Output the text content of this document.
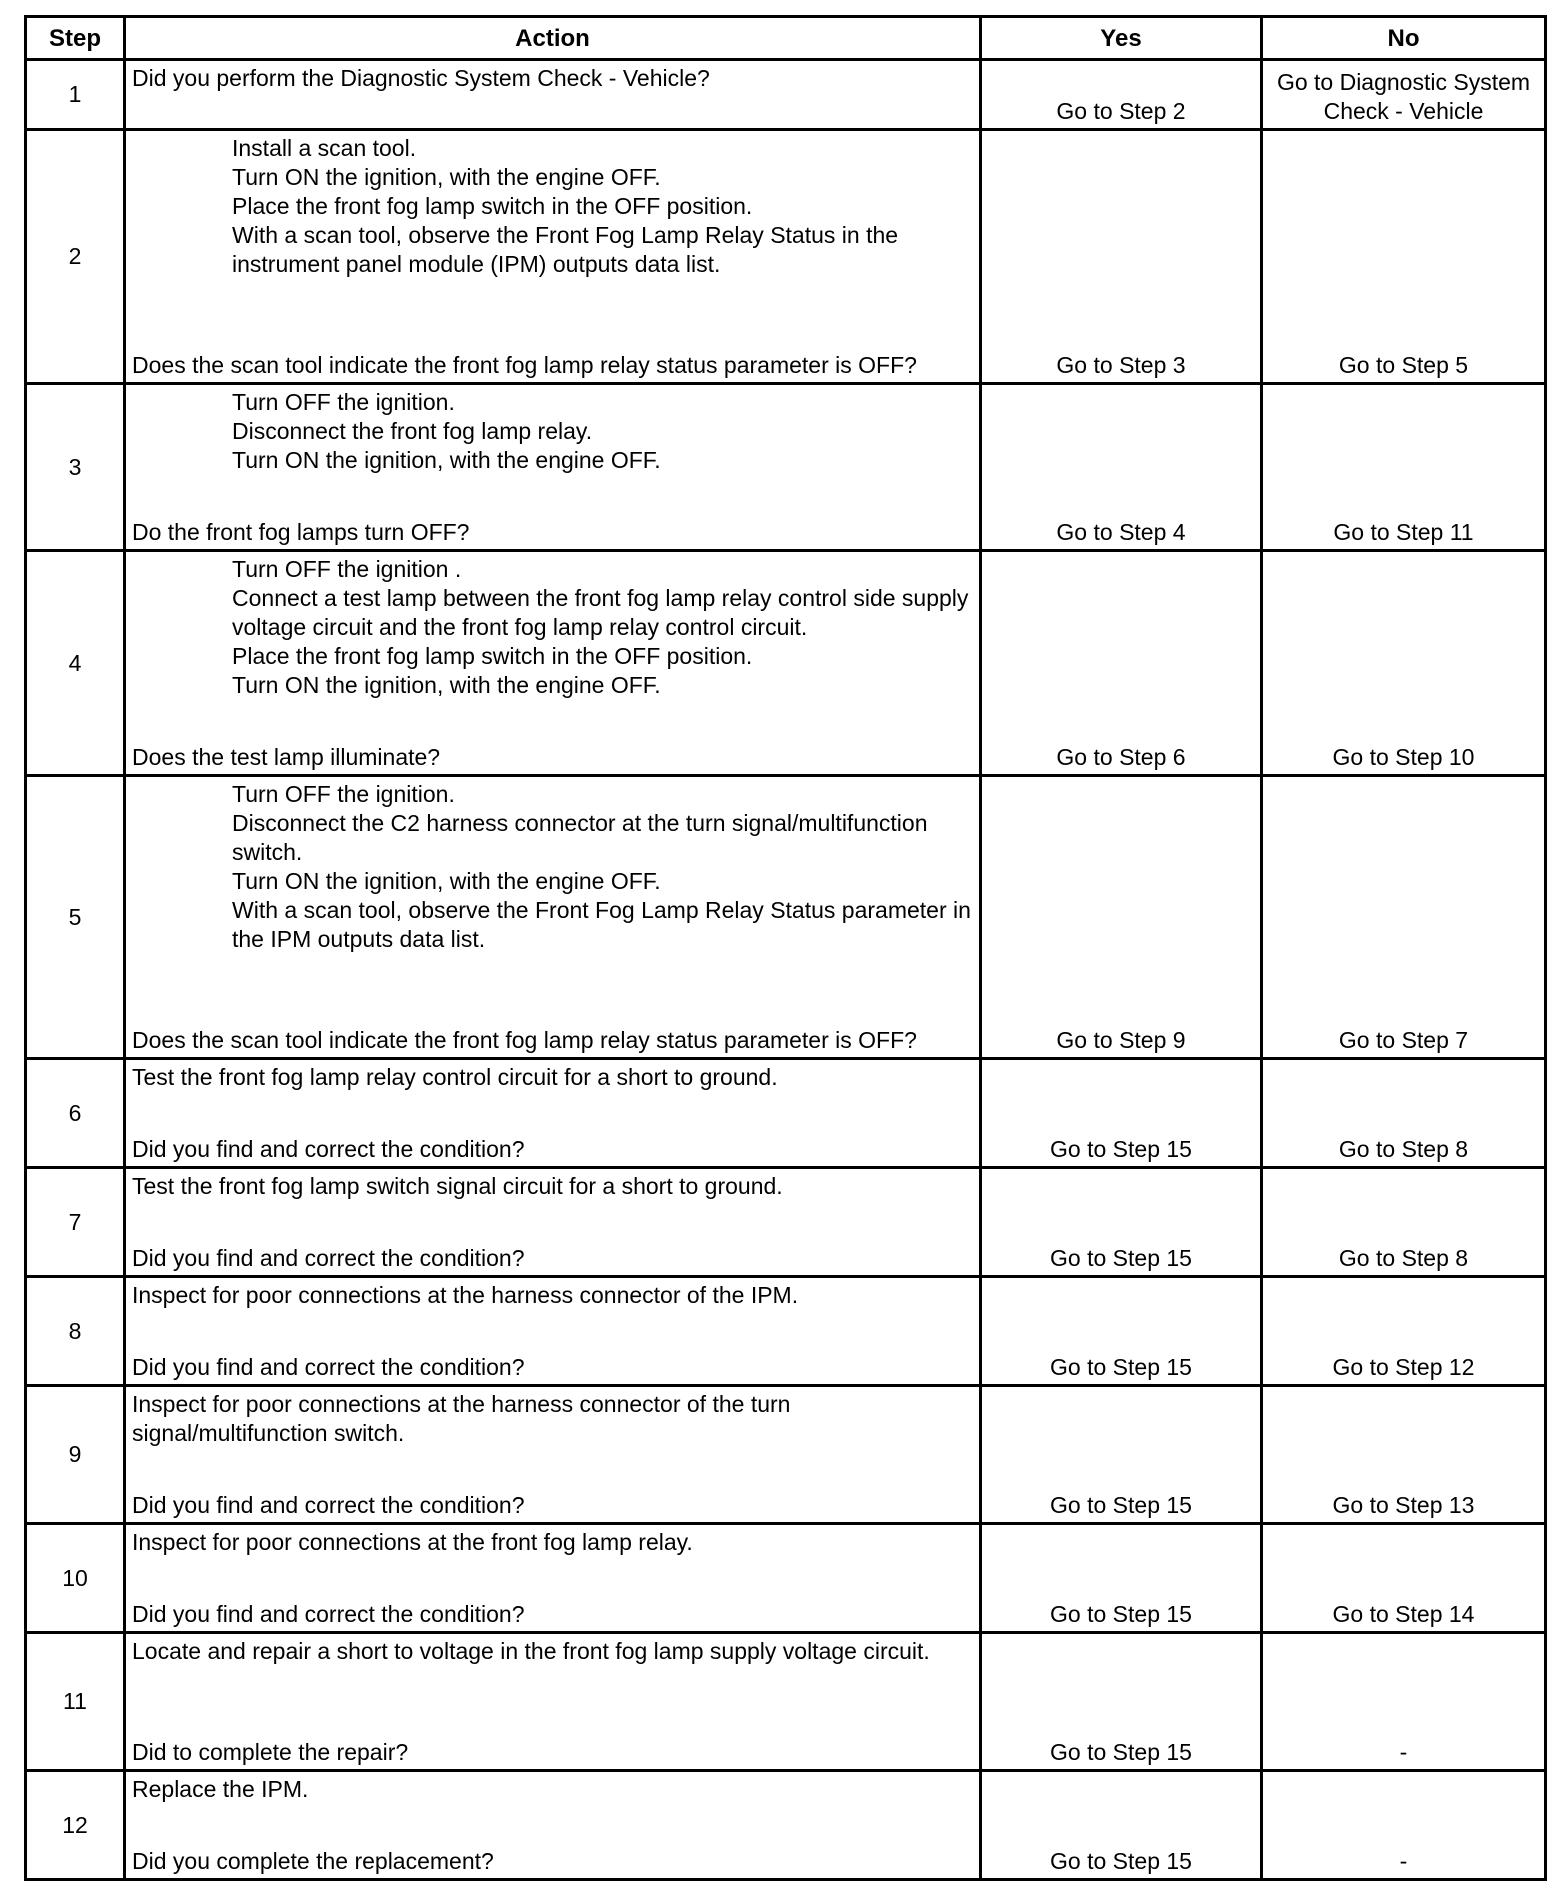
Step	Action	Yes	No
1	Did you perform the Diagnostic System Check - Vehicle?	Go to Step 2	Go to Diagnostic System Check - Vehicle
2	Install a scan tool.
Turn ON the ignition, with the engine OFF.
Place the front fog lamp switch in the OFF position.
With a scan tool, observe the Front Fog Lamp Relay Status in the instrument panel module (IPM) outputs data list.
Does the scan tool indicate the front fog lamp relay status parameter is OFF?	Go to Step 3	Go to Step 5
3	Turn OFF the ignition.
Disconnect the front fog lamp relay.
Turn ON the ignition, with the engine OFF.
Do the front fog lamps turn OFF?	Go to Step 4	Go to Step 11
4	Turn OFF the ignition .
Connect a test lamp between the front fog lamp relay control side supply voltage circuit and the front fog lamp relay control circuit.
Place the front fog lamp switch in the OFF position.
Turn ON the ignition, with the engine OFF.
Does the test lamp illuminate?	Go to Step 6	Go to Step 10
5	Turn OFF the ignition.
Disconnect the C2 harness connector at the turn signal/multifunction switch.
Turn ON the ignition, with the engine OFF.
With a scan tool, observe the Front Fog Lamp Relay Status parameter in the IPM outputs data list.
Does the scan tool indicate the front fog lamp relay status parameter is OFF?	Go to Step 9	Go to Step 7
6	Test the front fog lamp relay control circuit for a short to ground.
Did you find and correct the condition?	Go to Step 15	Go to Step 8
7	Test the front fog lamp switch signal circuit for a short to ground.
Did you find and correct the condition?	Go to Step 15	Go to Step 8
8	Inspect for poor connections at the harness connector of the IPM.
Did you find and correct the condition?	Go to Step 15	Go to Step 12
9	Inspect for poor connections at the harness connector of the turn signal/multifunction switch.
Did you find and correct the condition?	Go to Step 15	Go to Step 13
10	Inspect for poor connections at the front fog lamp relay.
Did you find and correct the condition?	Go to Step 15	Go to Step 14
11	Locate and repair a short to voltage in the front fog lamp supply voltage circuit.
Did to complete the repair?	Go to Step 15	-
12	Replace the IPM.
Did you complete the replacement?	Go to Step 15	-
